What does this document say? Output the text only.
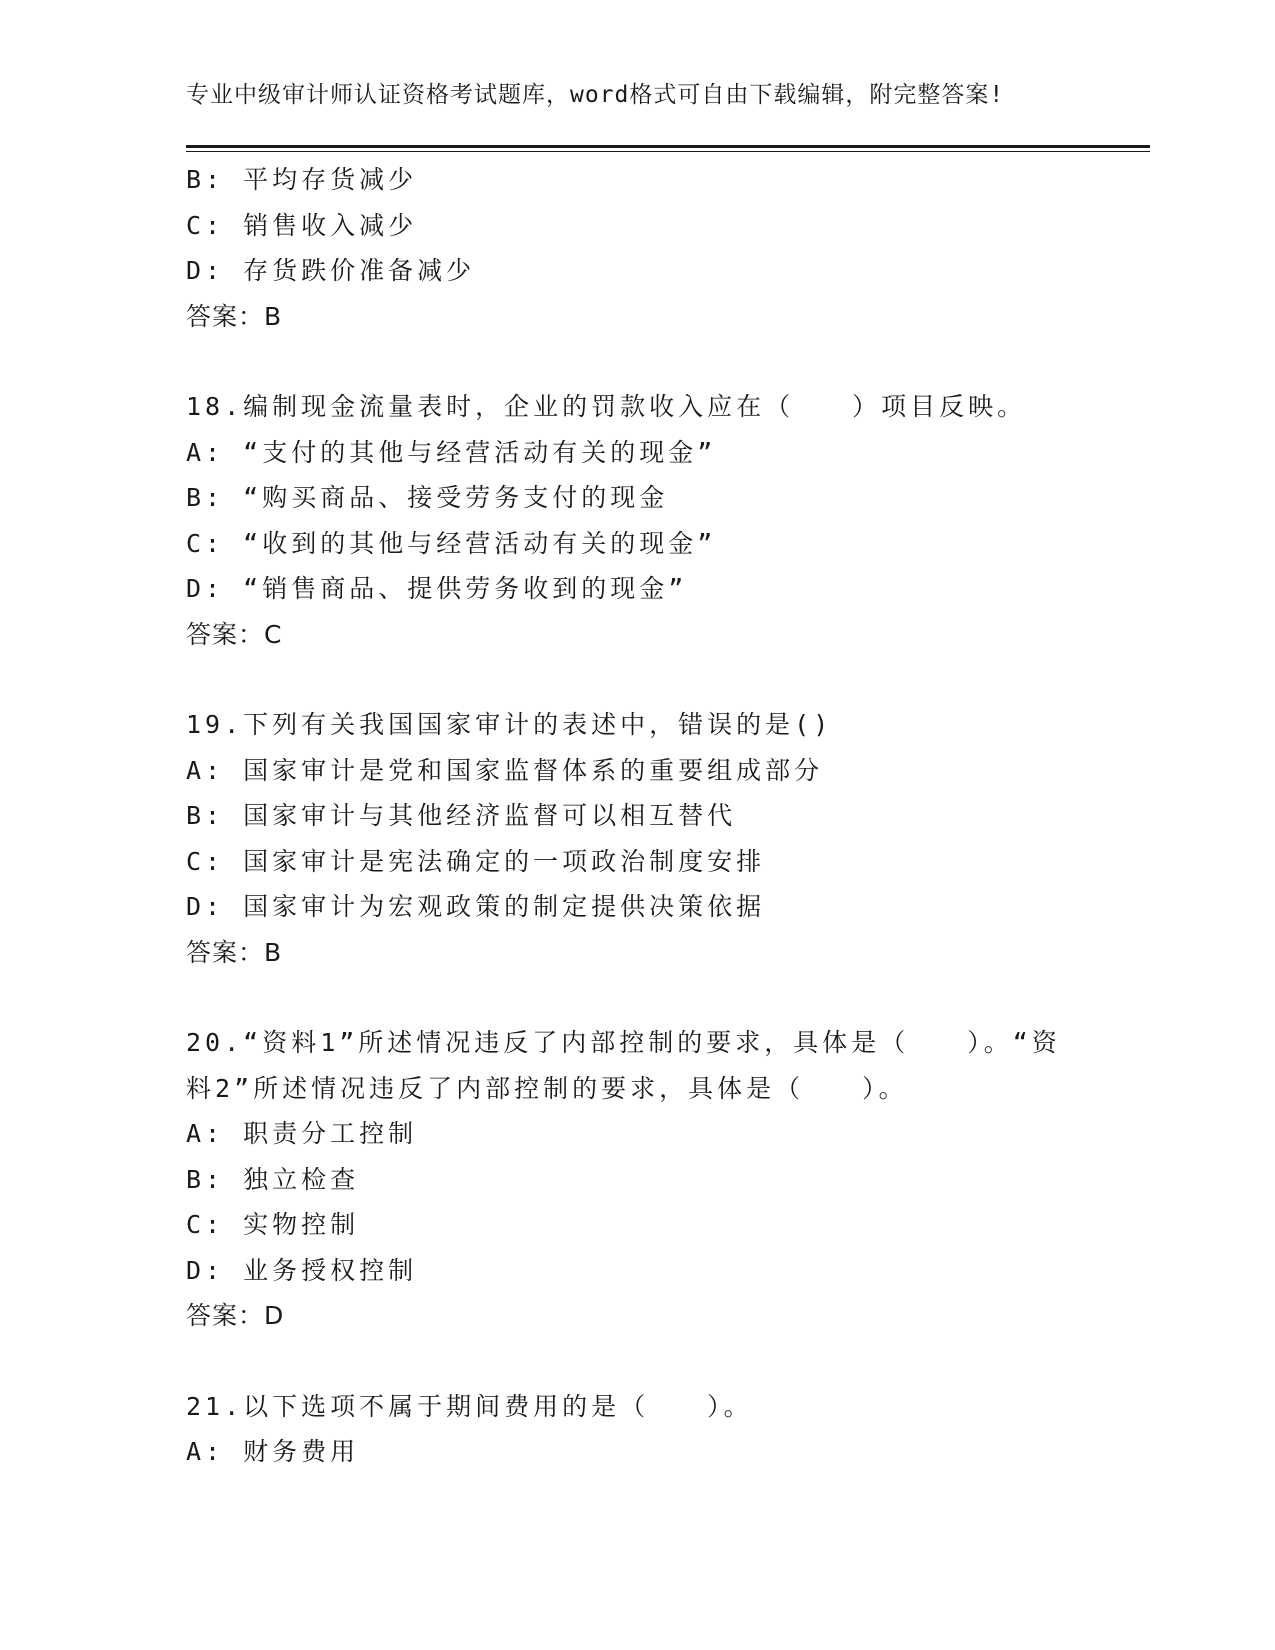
专业中级审计师认证资格考试题库，word格式可自由下载编辑，附完整答案!
B: 平均存货减少
C: 销售收入减少
D: 存货跌价准备减少
答案：B
18.编制现金流量表时，企业的罚款收入应在（　　）项目反映。
A: “支付的其他与经营活动有关的现金”
B: “购买商品、接受劳务支付的现金
C: “收到的其他与经营活动有关的现金”
D: “销售商品、提供劳务收到的现金”
答案：C
19.下列有关我国国家审计的表述中，错误的是()
A: 国家审计是党和国家监督体系的重要组成部分
B: 国家审计与其他经济监督可以相互替代
C: 国家审计是宪法确定的一项政治制度安排
D: 国家审计为宏观政策的制定提供决策依据
答案：B
20.“资料1”所述情况违反了内部控制的要求，具体是（　　）。“资料2”所述情况违反了内部控制的要求，具体是（　　）。
A: 职责分工控制
B: 独立检查
C: 实物控制
D: 业务授权控制
答案：D
21.以下选项不属于期间费用的是（　　）。
A: 财务费用
